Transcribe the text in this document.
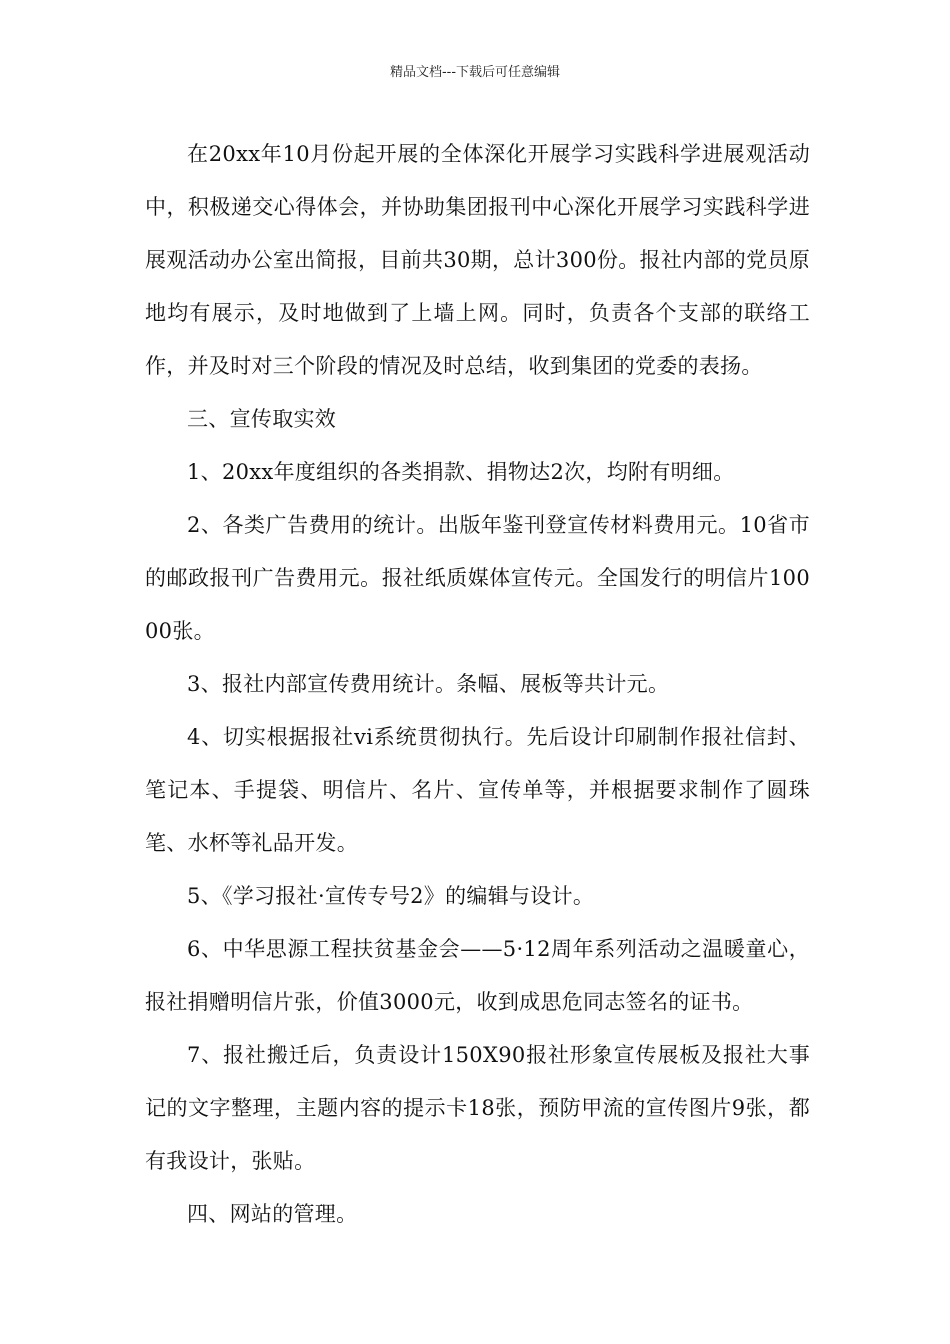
精品文档---下载后可任意编辑

在20xx年10月份起开展的全体深化开展学习实践科学进展观活动中，积极递交心得体会，并协助集团报刊中心深化开展学习实践科学进展观活动办公室出简报，目前共30期，总计300份。报社内部的党员原地均有展示，及时地做到了上墙上网。同时，负责各个支部的联络工作，并及时对三个阶段的情况及时总结，收到集团的党委的表扬。

三、宣传取实效

1、20xx年度组织的各类捐款、捐物达2次，均附有明细。

2、各类广告费用的统计。出版年鉴刊登宣传材料费用元。10省市的邮政报刊广告费用元。报社纸质媒体宣传元。全国发行的明信片10000张。

3、报社内部宣传费用统计。条幅、展板等共计元。

4、切实根据报社vi系统贯彻执行。先后设计印刷制作报社信封、笔记本、手提袋、明信片、名片、宣传单等，并根据要求制作了圆珠笔、水杯等礼品开发。

5、《学习报社·宣传专号2》的编辑与设计。

6、中华思源工程扶贫基金会——5·12周年系列活动之温暖童心，报社捐赠明信片张，价值3000元，收到成思危同志签名的证书。

7、报社搬迁后，负责设计150X90报社形象宣传展板及报社大事记的文字整理，主题内容的提示卡18张，预防甲流的宣传图片9张，都有我设计，张贴。

四、网站的管理。
